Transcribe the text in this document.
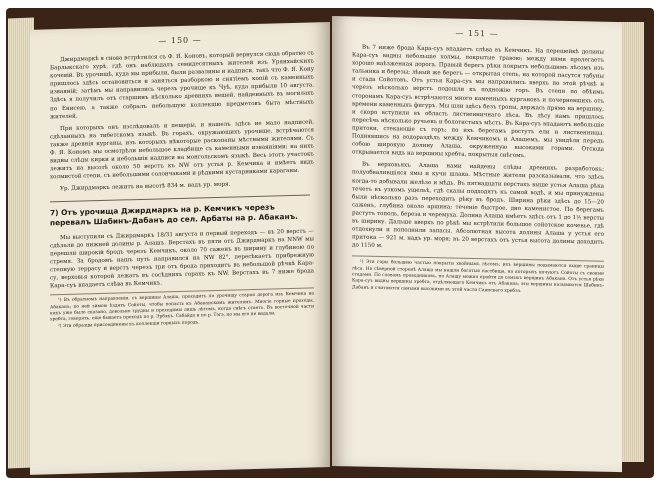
— 150 —

Джирдмаркѣ я снова встрѣтился съ Ф. Я. Коновъ, который вернулся сюда обратно съ Барлыкскаго хурѣ, гдѣ онъ наблюдалъ семидесятныхъ жителей изъ Урянхайскихъ кочевій. Въ урочищѣ, куда мы прибыли, были развалины и надписи, такъ что Ф. Я. Кону пришлось здѣсь остановиться и заняться разборкою и снятіемъ копій съ каменныхъ изваяній; затѣмъ мы направились черезъ урочище къ Чуѣ, куда прибыли 10 августа. Здѣсь я получилъ отъ старшинъ нѣсколько древнихъ вещей, найденныхъ въ могилахъ по Енисею, а также собралъ небольшую коллекцію предметовъ быта мѣстныхъ жителей.

При которыхъ онъ изслѣдовалъ и пещеры, и нашелъ здѣсь не мало надписей, сдѣланныхъ на тибетскомъ языкѣ. Въ горахъ, окружающихъ урочище, встрѣчаются также древнія курганы, изъ которыхъ нѣкоторые раскопаны мѣстными жителями. Съ Ф. Я. Кономъ мы осмотрѣли небольшое кладбище съ каменными изваяніями; на нихъ видны слѣды кирки и небольшія надписи на монгольскомъ языкѣ. Весь этотъ участокъ лежитъ на высотѣ около 50 верстъ къ NW отъ устья р. Кемчика и имѣетъ видъ холмистой степи, съ небольшими солончаками и рѣдкими кустарниками караганы.

Ур. Джирдмаркъ лежитъ на высотѣ 834 м. надъ ур. моря.

7) Отъ урочища Джирдмаркъ на р. Кемчикъ черезъ перевалъ Шабинъ-Дабанъ до сел. Арбаты на р. Абаканъ.

Мы выступили съ Джирдмаркъ 18/31 августа и первый переходъ — въ 20 верстъ — сдѣлали до нижней долины р. Алашъ. Верстахъ въ пяти отъ Джирдмаркъ на NNW мы перешли широкій бродъ черезъ Кемчикъ, около 70 саженъ въ ширину и глубиною по стремя. За бродомъ нашъ путь направился на NW 82°, пересѣкаетъ прибрежную степную террасу и верстъ черезъ три отъ брода приходитъ въ небольшой рѣчкѣ Кара-су, верховья которой лежатъ въ сосѣднихъ горахъ къ NW. Верстахъ въ 7 ниже брода Кара-суъ впадаетъ слѣва въ Кемчикъ.

¹) Въ обратномъ направленіи, съ вершины Алаша, проходитъ по урочищу старая дорога изъ Кемчика на Абаканъ; по ней зимою ѣздятъ Сойоты, чтобы попасть къ Абаканскимъ жителямъ. Многіе горные проходы, какъ уже было сказано, довольно трудны и проходимы лишь лѣтомъ, когда снѣгъ стаетъ. Въ восточной части хребта, говорятъ, еще бываетъ проходъ по р. Эрбэкъ. Сабайдо и по р. Тэгэ, но мы его не видали.

²) Эти образцы присоединены къ коллекціи горныхъ породъ.

— 151 —

Въ 7 ниже брода Кара-суъ впадаетъ слѣва въ Кемчикъ. На перешейкѣ долины Кара-суъ видны небольшіе холмы, покрытые травою; между ними пролегаетъ хорошо наѣзженная дорога. Правый берегъ рѣки покрытъ небольшимъ лѣсомъ изъ тальника и березы; лѣвый же берегъ — открытая степь, на которой пасутся табуны и стада Сойотовъ. Отъ устья Кара-суъ мы направились вверхъ по этой рѣчкѣ и черезъ нѣсколько верстъ подошли къ подножію горъ. Въ степи по обѣимъ сторонамъ Кара-суъ встрѣчаются много каменныхъ кургановъ и почерневшихъ отъ времени каменныхъ фигуръ. Мы шли здѣсь безъ тропы, держась прямо на вершину, и скоро вступили въ область лиственничнаго лѣса. Въ лѣсу намъ пришлось пересѣчь нѣсколько ручьевъ и болотистыхъ мѣстъ. Въ Кара-суъ впадаютъ небольшіе притоки, стекающіе съ горъ; по ихъ берегамъ ростутъ ели и лиственницы. Поднявшись на водораздѣлъ между Кемчикомъ и Алашемъ, мы увидѣли передъ собою широкую долину Алаша, окруженную высокими горами. Отсюда открывается видъ на вершины хребта, покрытыя снѣгомъ.

Въ верховьяхъ Алаша нами найдены слѣды древнихъ разработокъ: полуобвалившіяся ямы и кучи шлака. Мѣстные жители разсказывали, что здѣсь когда-то добывали желѣзо и мѣдь. Въ пятнадцати верстахъ выше устья Алаша рѣка течетъ въ узкомъ ущельѣ, гдѣ скалы подходятъ къ самой водѣ, и мы принуждены были нѣсколько разъ переходить рѣку въ бродъ. Ширина рѣки здѣсь до 15—20 саженъ, глубина около аршина; теченіе быстрое, дно каменистое. По берегамъ растутъ тополь, береза и черемуха. Долина Алаша имѣетъ здѣсь отъ 1 до 1½ версты въ ширину. Дальше вверхъ по рѣкѣ мы встрѣтили большое сойотское кочевье, гдѣ отдохнули и пополнили запасы. Абсолютная высота долины Алаша у устья его притока — 921 м. надъ ур. моря; въ 20 верстахъ отъ устья высота долины доходитъ до 1150 м.

¹) Эти горы большею частью покрыты хвойнымъ лѣсомъ; ихъ вершины подымаются выше границы лѣса. На сѣверной сторонѣ Алаша мы нашли богатыя пастбища, на которыхъ кочуютъ Сойоты съ своими стадами. По словамъ проводниковъ, по Алашу можно пройти до самыхъ вершинъ Абакана. Отъ устья рѣки Кара-суъ видны вершины хребта, отдѣляющаго Кемчикъ отъ Абакана; эти вершины называются Шабинъ-Дабанъ и считаются самыми высокими въ этой части Саянскаго хребта.
